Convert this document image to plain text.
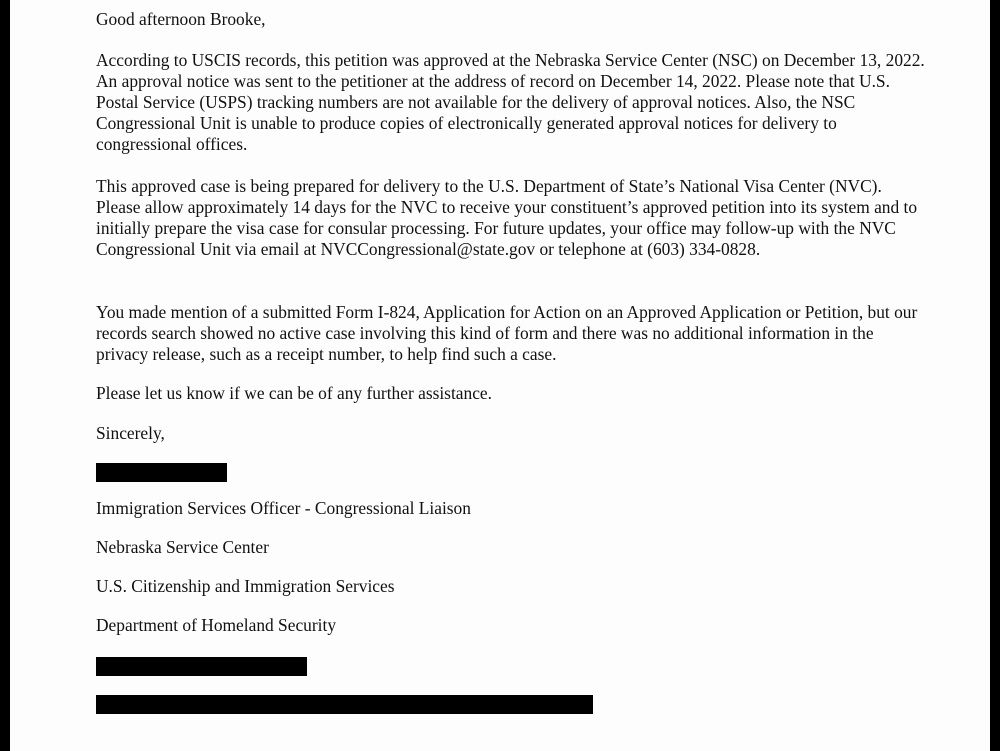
Good afternoon Brooke,
According to USCIS records, this petition was approved at the Nebraska Service Center (NSC) on December 13, 2022. An approval notice was sent to the petitioner at the address of record on December 14, 2022. Please note that U.S. Postal Service (USPS) tracking numbers are not available for the delivery of approval notices. Also, the NSC Congressional Unit is unable to produce copies of electronically generated approval notices for delivery to congressional offices.
This approved case is being prepared for delivery to the U.S. Department of State’s National Visa Center (NVC). Please allow approximately 14 days for the NVC to receive your constituent’s approved petition into its system and to initially prepare the visa case for consular processing. For future updates, your office may follow-up with the NVC Congressional Unit via email at NVCCongressional@state.gov or telephone at (603) 334-0828.
You made mention of a submitted Form I-824, Application for Action on an Approved Application or Petition, but our records search showed no active case involving this kind of form and there was no additional information in the privacy release, such as a receipt number, to help find such a case.
Please let us know if we can be of any further assistance.
Sincerely,
Immigration Services Officer - Congressional Liaison
Nebraska Service Center
U.S. Citizenship and Immigration Services
Department of Homeland Security
